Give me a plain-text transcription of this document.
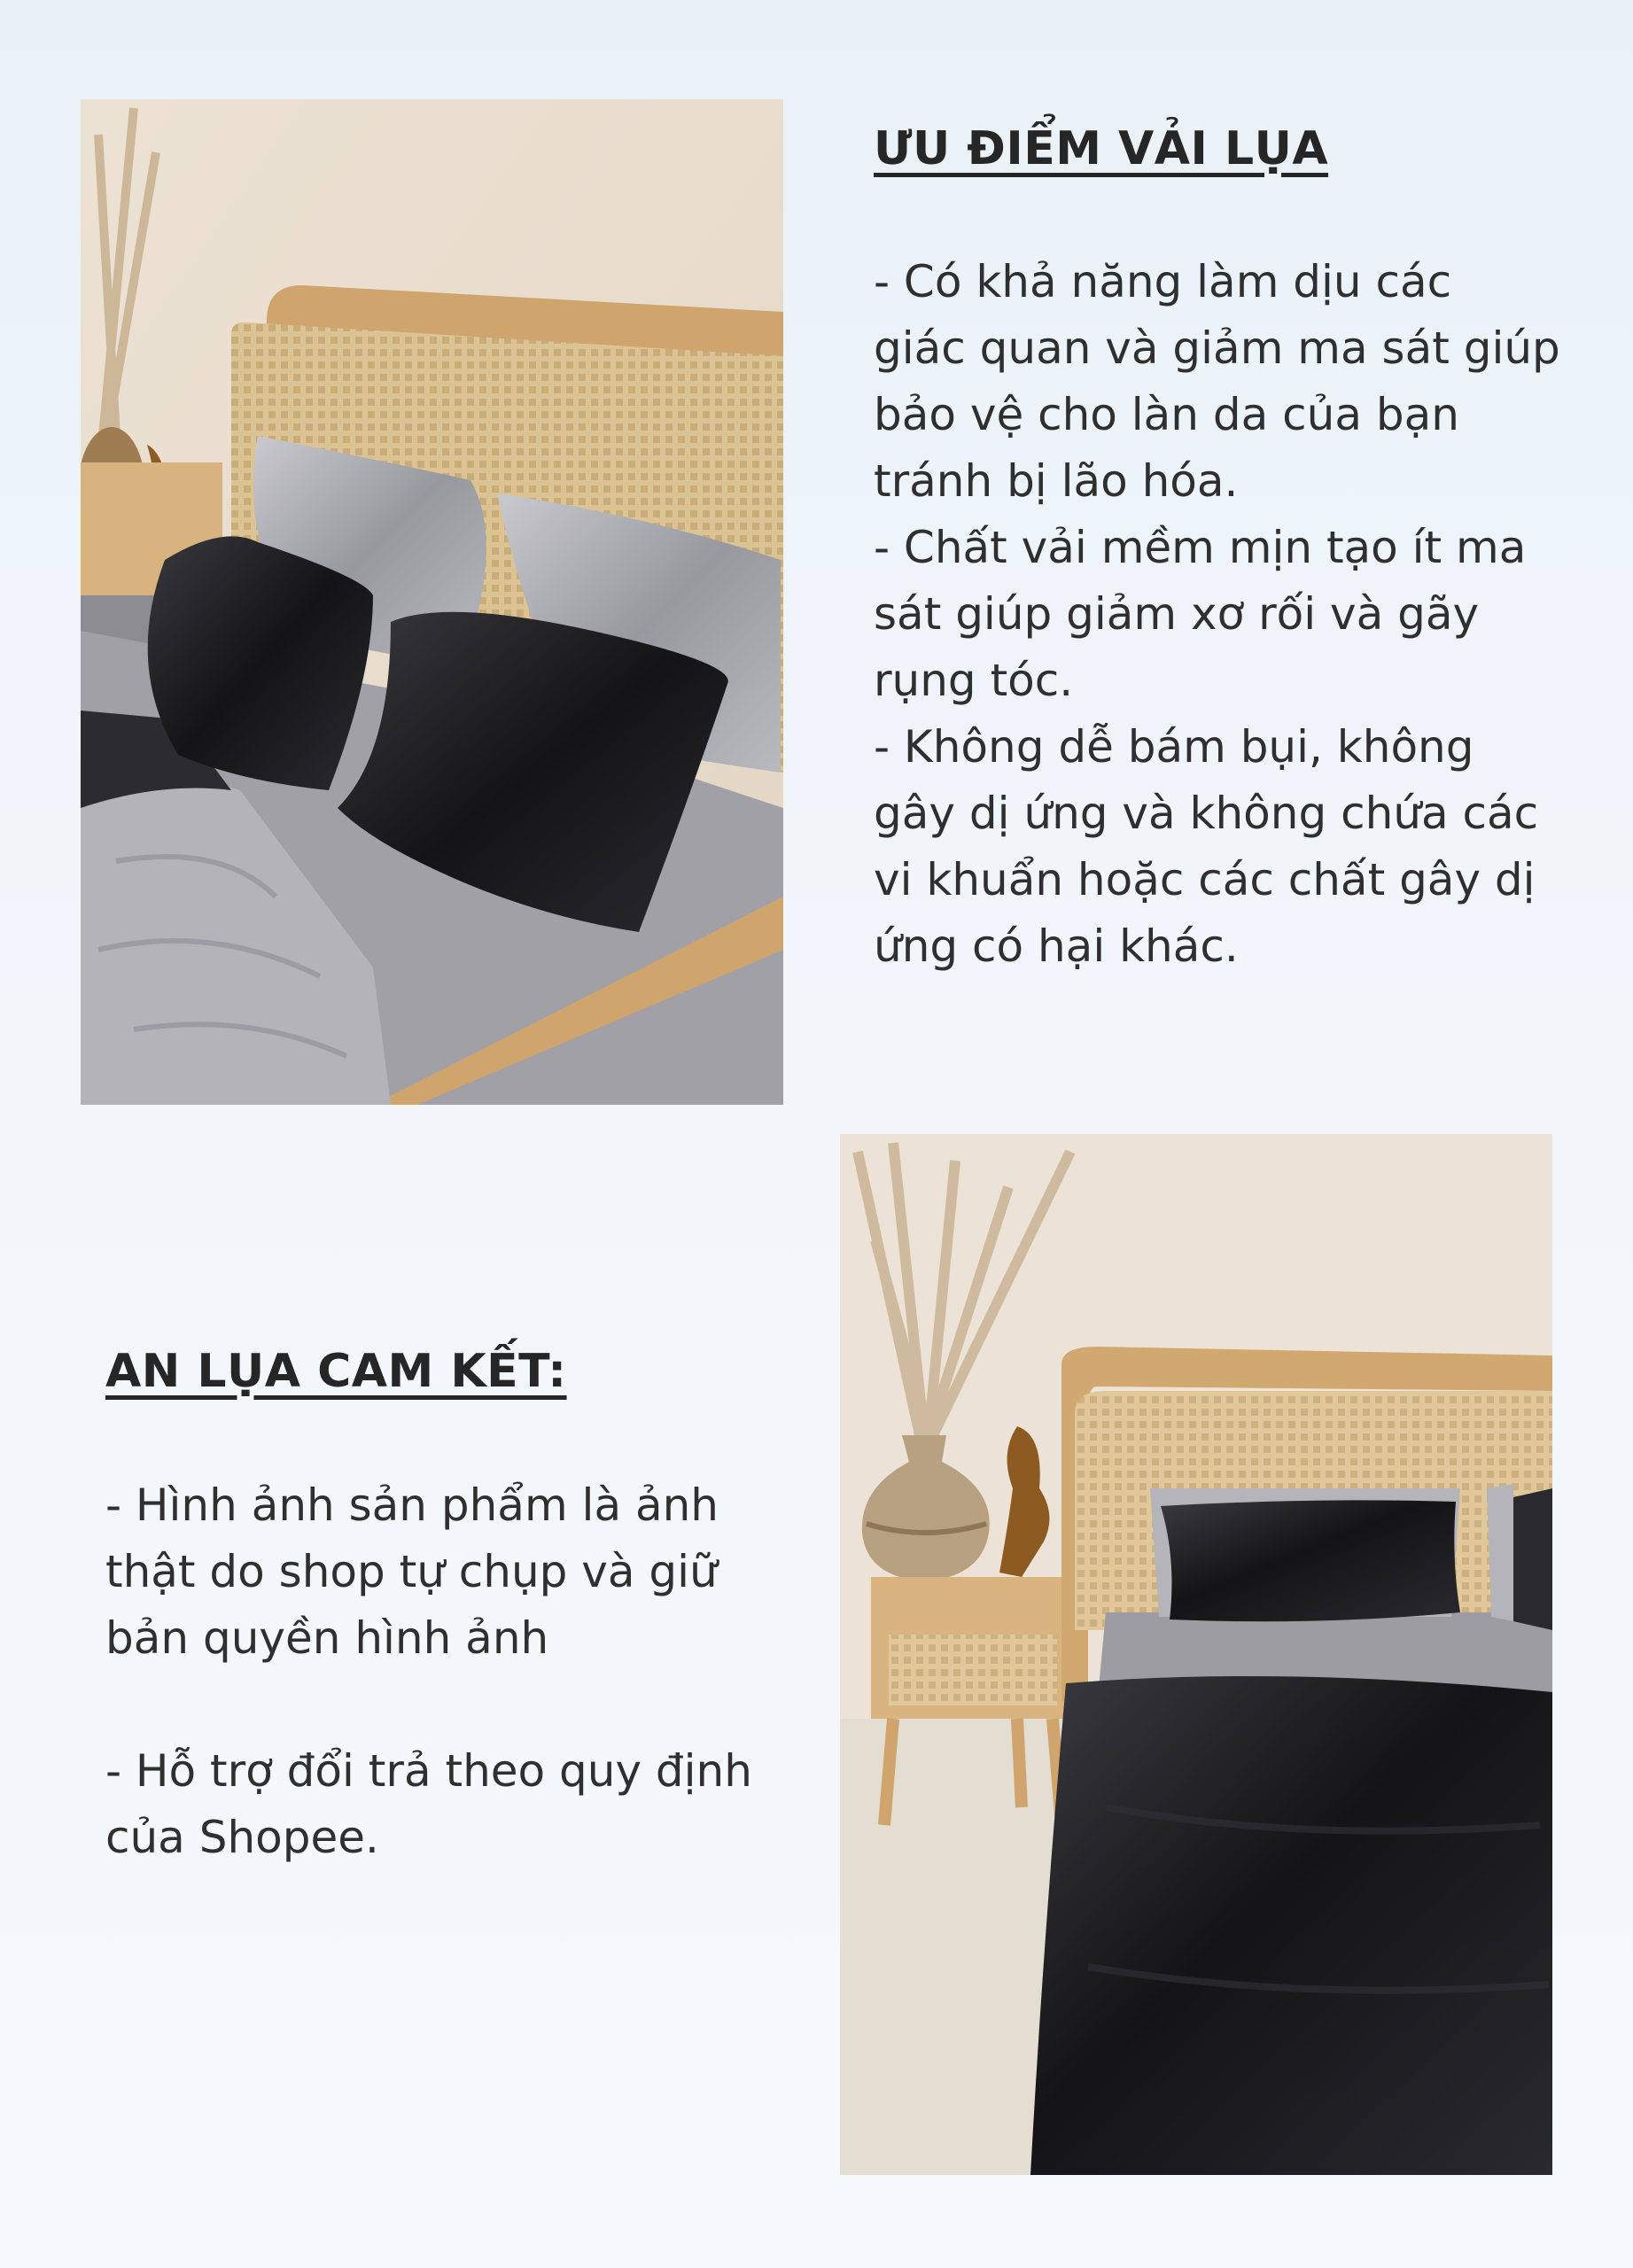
ƯU ĐIỂM VẢI LỤA
- Có khả năng làm dịu các
giác quan và giảm ma sát giúp
bảo vệ cho làn da của bạn
tránh bị lão hóa.
- Chất vải mềm mịn tạo ít ma
sát giúp giảm xơ rối và gãy
rụng tóc.
- Không dễ bám bụi, không
gây dị ứng và không chứa các
vi khuẩn hoặc các chất gây dị
ứng có hại khác.
AN LỤA CAM KẾT:
- Hình ảnh sản phẩm là ảnh
thật do shop tự chụp và giữ
bản quyền hình ảnh
- Hỗ trợ đổi trả theo quy định
của Shopee.
